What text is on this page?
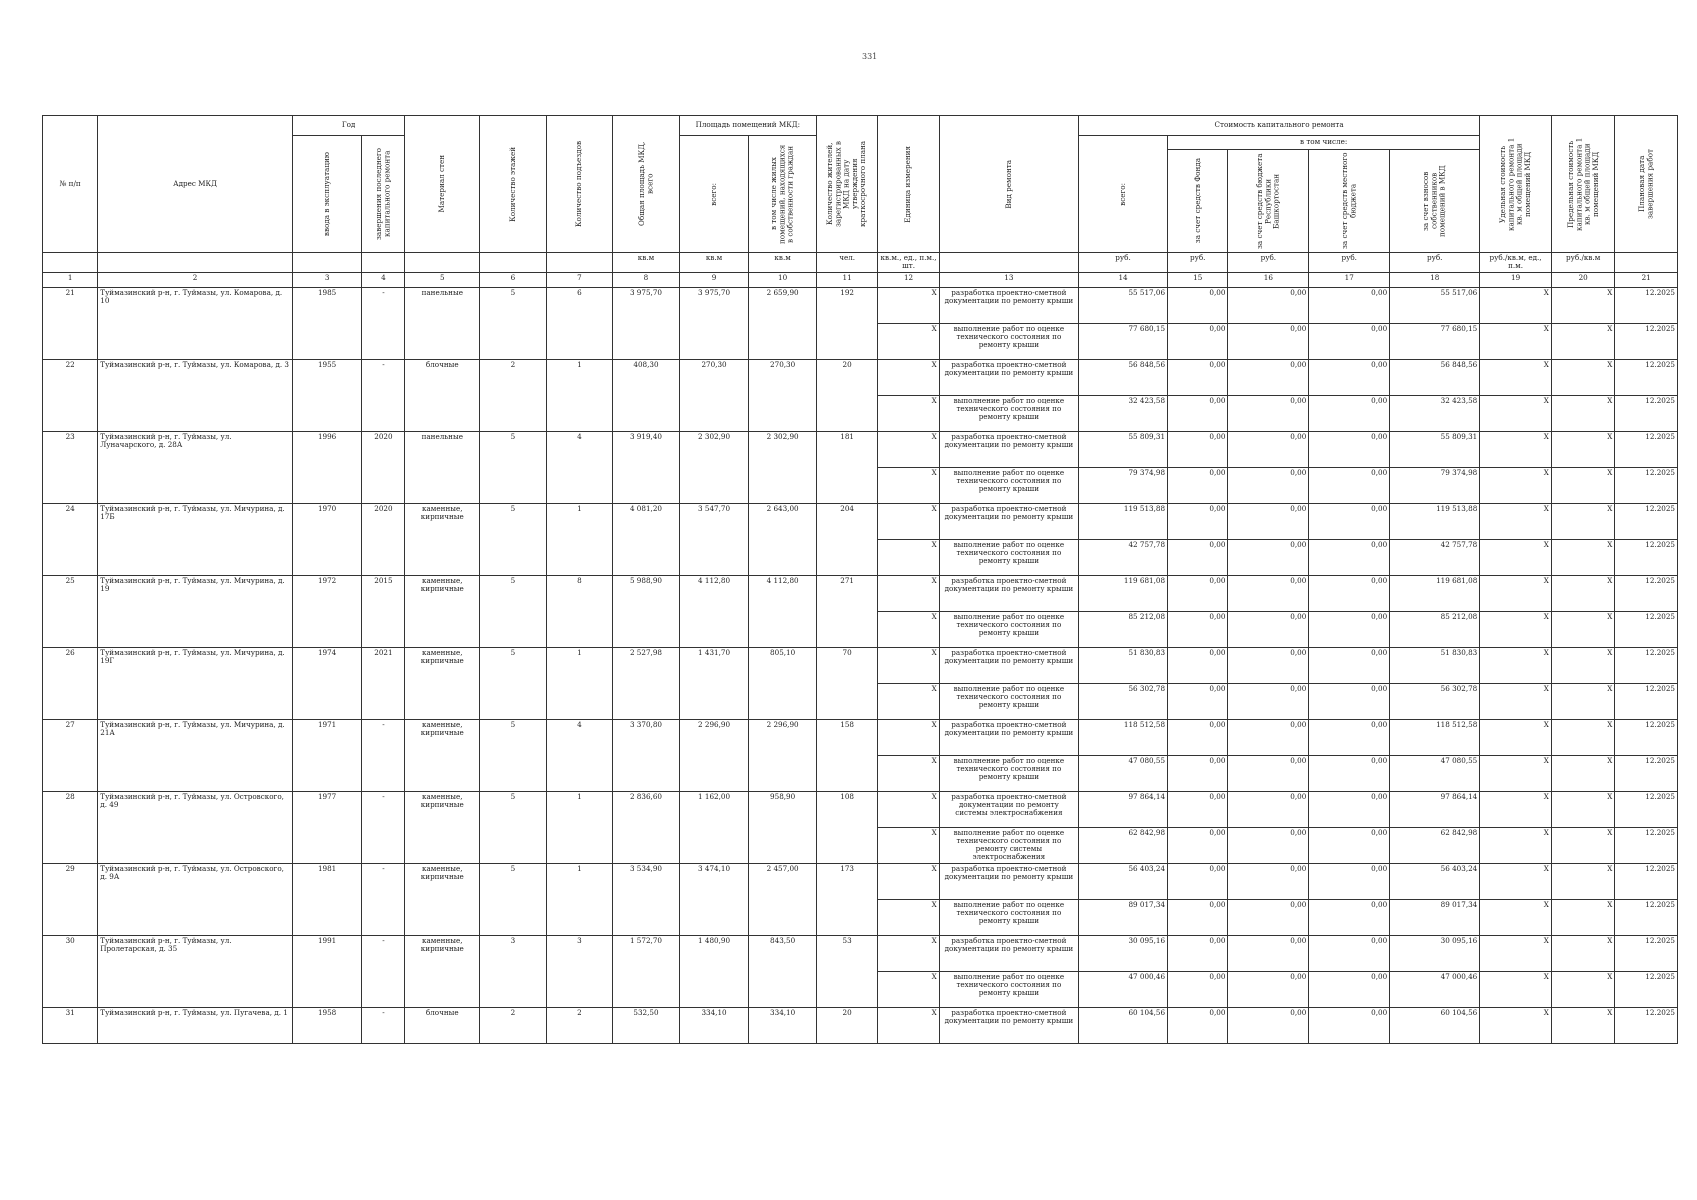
331
№ п/п	Адрес МКД	Год		Материал стен	Количество этажей	Количество подъездов	Общая площадь МКД, всего	Площадь помещений МКД:		Количество жителей, зарегистрированных в МКД на дату утверждения краткосрочного плана	Единица измерения	Вид ремонта	Стоимость капитального ремонта					Удельная стоимость капитального ремонта 1 кв. м общей площади помещений МКД	Предельная стоимость капитального ремонта 1 кв. м общей площади помещений МКД	Плановая дата завершения работ

		ввода в эксплуатацию	завершения последнего капитального ремонта					всего:	в том числе жилых помещений, находящихся в собственности граждан				всего:	в том числе:						

														за счет средств Фонда	за счет средств бюджета Республики Башкортостан	за счет средств местного бюджета	за счет взносов собственников помещений в МКД			

							кв.м	кв.м	кв.м	чел.	кв.м., ед., п.м., шт.		руб.	руб.	руб.	руб.	руб.	руб./кв.м, ед., п.м.	руб./кв.м	
1	2	3	4	5	6	7	8	9	10	11	12	13	14	15	16	17	18	19	20	21
21	Туймазинский р-н, г. Туймазы, ул. Комарова, д. 10	1985	-	панельные	5	6	3 975,70	3 975,70	2 659,90	192	X	разработка проектно-сметной документации по ремонту крыши	55 517,06	0,00	0,00	0,00	55 517,06	X	X	12.2025
											X	выполнение работ по оценке технического состояния по ремонту крыши	77 680,15	0,00	0,00	0,00	77 680,15	X	X	12.2025
22	Туймазинский р-н, г. Туймазы, ул. Комарова, д. 3	1955	-	блочные	2	1	408,30	270,30	270,30	20	X	разработка проектно-сметной документации по ремонту крыши	56 848,56	0,00	0,00	0,00	56 848,56	X	X	12.2025
											X	выполнение работ по оценке технического состояния по ремонту крыши	32 423,58	0,00	0,00	0,00	32 423,58	X	X	12.2025
23	Туймазинский р-н, г. Туймазы, ул. Луначарского, д. 28А	1996	2020	панельные	5	4	3 919,40	2 302,90	2 302,90	181	X	разработка проектно-сметной документации по ремонту крыши	55 809,31	0,00	0,00	0,00	55 809,31	X	X	12.2025
											X	выполнение работ по оценке технического состояния по ремонту крыши	79 374,98	0,00	0,00	0,00	79 374,98	X	X	12.2025
24	Туймазинский р-н, г. Туймазы, ул. Мичурина, д. 17Б	1970	2020	каменные, кирпичные	5	1	4 081,20	3 547,70	2 643,00	204	X	разработка проектно-сметной документации по ремонту крыши	119 513,88	0,00	0,00	0,00	119 513,88	X	X	12.2025
											X	выполнение работ по оценке технического состояния по ремонту крыши	42 757,78	0,00	0,00	0,00	42 757,78	X	X	12.2025
25	Туймазинский р-н, г. Туймазы, ул. Мичурина, д. 19	1972	2015	каменные, кирпичные	5	8	5 988,90	4 112,80	4 112,80	271	X	разработка проектно-сметной документации по ремонту крыши	119 681,08	0,00	0,00	0,00	119 681,08	X	X	12.2025
											X	выполнение работ по оценке технического состояния по ремонту крыши	85 212,08	0,00	0,00	0,00	85 212,08	X	X	12.2025
26	Туймазинский р-н, г. Туймазы, ул. Мичурина, д. 19Г	1974	2021	каменные, кирпичные	5	1	2 527,98	1 431,70	805,10	70	X	разработка проектно-сметной документации по ремонту крыши	51 830,83	0,00	0,00	0,00	51 830,83	X	X	12.2025
											X	выполнение работ по оценке технического состояния по ремонту крыши	56 302,78	0,00	0,00	0,00	56 302,78	X	X	12.2025
27	Туймазинский р-н, г. Туймазы, ул. Мичурина, д. 21А	1971	-	каменные, кирпичные	5	4	3 370,80	2 296,90	2 296,90	158	X	разработка проектно-сметной документации по ремонту крыши	118 512,58	0,00	0,00	0,00	118 512,58	X	X	12.2025
											X	выполнение работ по оценке технического состояния по ремонту крыши	47 080,55	0,00	0,00	0,00	47 080,55	X	X	12.2025
28	Туймазинский р-н, г. Туймазы, ул. Островского, д. 49	1977	-	каменные, кирпичные	5	1	2 836,60	1 162,00	958,90	108	X	разработка проектно-сметной документации по ремонту системы электроснабжения	97 864,14	0,00	0,00	0,00	97 864,14	X	X	12.2025
											X	выполнение работ по оценке технического состояния по ремонту системы электроснабжения	62 842,98	0,00	0,00	0,00	62 842,98	X	X	12.2025
29	Туймазинский р-н, г. Туймазы, ул. Островского, д. 9А	1981	-	каменные, кирпичные	5	1	3 534,90	3 474,10	2 457,00	173	X	разработка проектно-сметной документации по ремонту крыши	56 403,24	0,00	0,00	0,00	56 403,24	X	X	12.2025
											X	выполнение работ по оценке технического состояния по ремонту крыши	89 017,34	0,00	0,00	0,00	89 017,34	X	X	12.2025
30	Туймазинский р-н, г. Туймазы, ул. Пролетарская, д. 35	1991	-	каменные, кирпичные	3	3	1 572,70	1 480,90	843,50	53	X	разработка проектно-сметной документации по ремонту крыши	30 095,16	0,00	0,00	0,00	30 095,16	X	X	12.2025
											X	выполнение работ по оценке технического состояния по ремонту крыши	47 000,46	0,00	0,00	0,00	47 000,46	X	X	12.2025
31	Туймазинский р-н, г. Туймазы, ул. Пугачева, д. 1	1958	-	блочные	2	2	532,50	334,10	334,10	20	X	разработка проектно-сметной документации по ремонту крыши	60 104,56	0,00	0,00	0,00	60 104,56	X	X	12.2025
